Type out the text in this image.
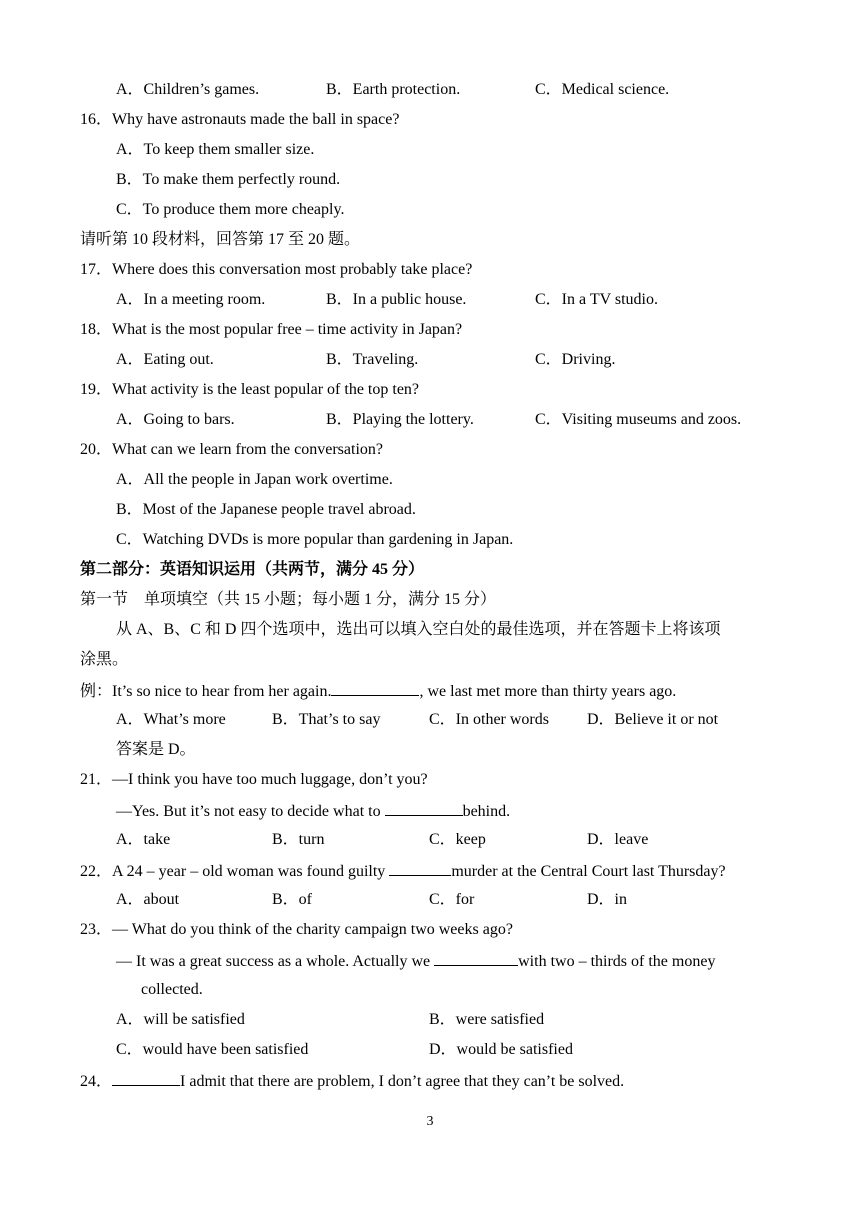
A．Children’s games.	B．Earth protection.	C．Medical science.
16．Why have astronauts made the ball in space?
A．To keep them smaller size.
B．To make them perfectly round.
C．To produce them more cheaply.
请听第 10 段材料，回答第 17 至 20 题。
17．Where does this conversation most probably take place?
A．In a meeting room.	B．In a public house.	C．In a TV studio.
18．What is the most popular free – time activity in Japan?
A．Eating out.	B．Traveling.	C．Driving.
19．What activity is the least popular of the top ten?
A．Going to bars.	B．Playing the lottery.	C．Visiting museums and zoos.
20．What can we learn from the conversation?
A．All the people in Japan work overtime.
B．Most of the Japanese people travel abroad.
C．Watching DVDs is more popular than gardening in Japan.
第二部分：英语知识运用（共两节，满分 45 分）
第一节　单项填空（共 15 小题；每小题 1 分，满分 15 分）
从 A、B、C 和 D 四个选项中，选出可以填入空白处的最佳选项，并在答题卡上将该项
涂黑。
例：It’s so nice to hear from her again.	, we last met more than thirty years ago.
A．What’s more	B．That’s to say	C．In other words D．Believe it or not
答案是 D。
21．—I think you have too much luggage, don’t you?
—Yes. But it’s not easy to decide what to	behind.
A．take	B．turn	C．keep	D．leave
22．A 24 – year – old woman was found guilty	murder at the Central Court last Thursday?
A．about	B．of	C．for	D．in
23．— What do you think of the charity campaign two weeks ago?
— It was a great success as a whole. Actually we	with two – thirds of the money
collected.
A．will be satisfied	B．were satisfied
C．would have been satisfied	D．would be satisfied
24．	I admit that there are problem, I don’t agree that they can’t be solved.
3
